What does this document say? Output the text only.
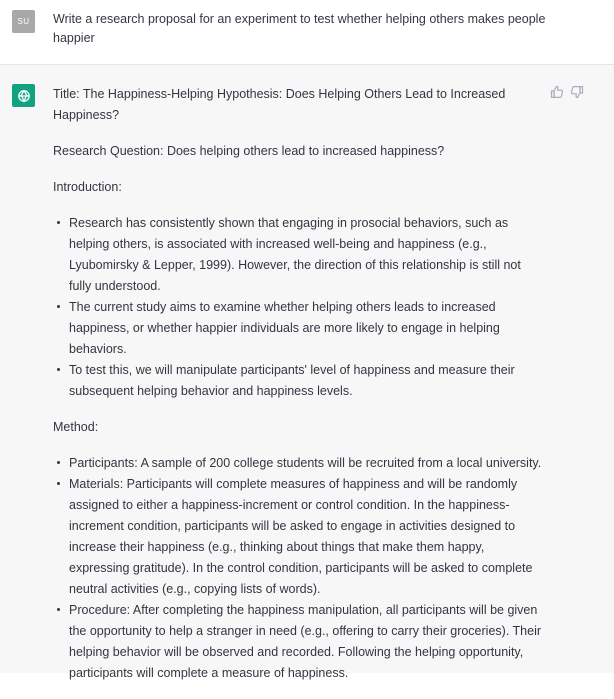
SU	Write a research proposal for an experiment to test whether helping others makes people happier

Title: The Happiness-Helping Hypothesis: Does Helping Others Lead to Increased Happiness?

Research Question: Does helping others lead to increased happiness?

Introduction:

Research has consistently shown that engaging in prosocial behaviors, such as helping others, is associated with increased well-being and happiness (e.g., Lyubomirsky & Lepper, 1999). However, the direction of this relationship is still not fully understood.
The current study aims to examine whether helping others leads to increased happiness, or whether happier individuals are more likely to engage in helping behaviors.
To test this, we will manipulate participants' level of happiness and measure their subsequent helping behavior and happiness levels.

Method:

Participants: A sample of 200 college students will be recruited from a local university.
Materials: Participants will complete measures of happiness and will be randomly assigned to either a happiness-increment or control condition. In the happiness-increment condition, participants will be asked to engage in activities designed to increase their happiness (e.g., thinking about things that make them happy, expressing gratitude). In the control condition, participants will be asked to complete neutral activities (e.g., copying lists of words).
Procedure: After completing the happiness manipulation, all participants will be given the opportunity to help a stranger in need (e.g., offering to carry their groceries). Their helping behavior will be observed and recorded. Following the helping opportunity, participants will complete a measure of happiness.
